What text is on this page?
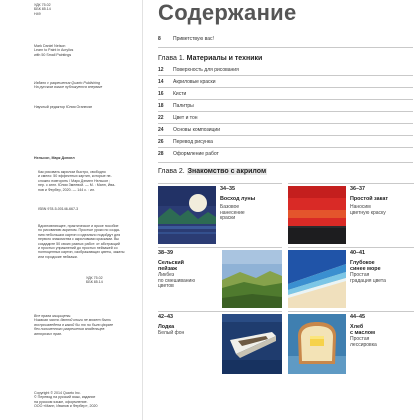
УДК 75.02
ББК 85.14
Н49
Mark Daniel Nelson
Learn to Paint in Acrylics
with 50 Small Paintings
Издано с разрешения Quarto Publishing
На русском языке публикуется впервые
Научный редактор Юлия Оганесян
Нельсон, Марк Дэниел
Как рисовать акрилом быстро, свободно
и смело: 50 эффектных картин, которые не-
сложно повторить / Марк Дэниел Нельсон ;
пер. с англ. Юлии Змеевой. — М. : Манн, Ива-
нов и Фербер, 2020. — 144 с. : ил.
ISBN 978-5-00146-667-3
Вдохновляющее, практическое и яркое пособие
по рисованию акрилом. Простые уроки по созда-
нию небольших картин и идеально подойдут для
первого знакомства с акриловыми красками. Вы
создадите 50 своих разных работ: от абстракций
и простых упражнений до простых пейзажей со
полноценных картин, изображающих цветы, закаты
или городские пейзажи.
УДК 75.02
ББК 85.14
Все права защищены.
Никакая часть данной книги не может быть
воспроизведена в какой бы то ни было форме
без письменного разрешения владельцев
авторских прав.
Copyright © 2014 Quarto Inc.
© Перевод на русский язык, издание
на русском языке, оформление.
ООО «Манн, Иванов и Фербер», 2020
Содержание
8 Приветствую вас!
Глава 1. Материалы и техники
12 Поверхность для рисования
14 Акриловые краски
16 Кисти
18 Палитры
22 Цвет и тон
24 Основы композиции
26 Перевод рисунка
28 Оформление работ
Глава 2. Знакомство с акрилом
34–35
Восход луны
Базовое
нанесение
краски
36–37
Простой закат
Наносим
цветную краску
38–39
Сельский
пейзаж
Ликбез
по смешиванию
цветов
40–41
Глубокое
синее море
Простая
градация цвета
42–43
Лодка
Белый фон
44–45
Хлеб
с маслом
Простая
лессировка
